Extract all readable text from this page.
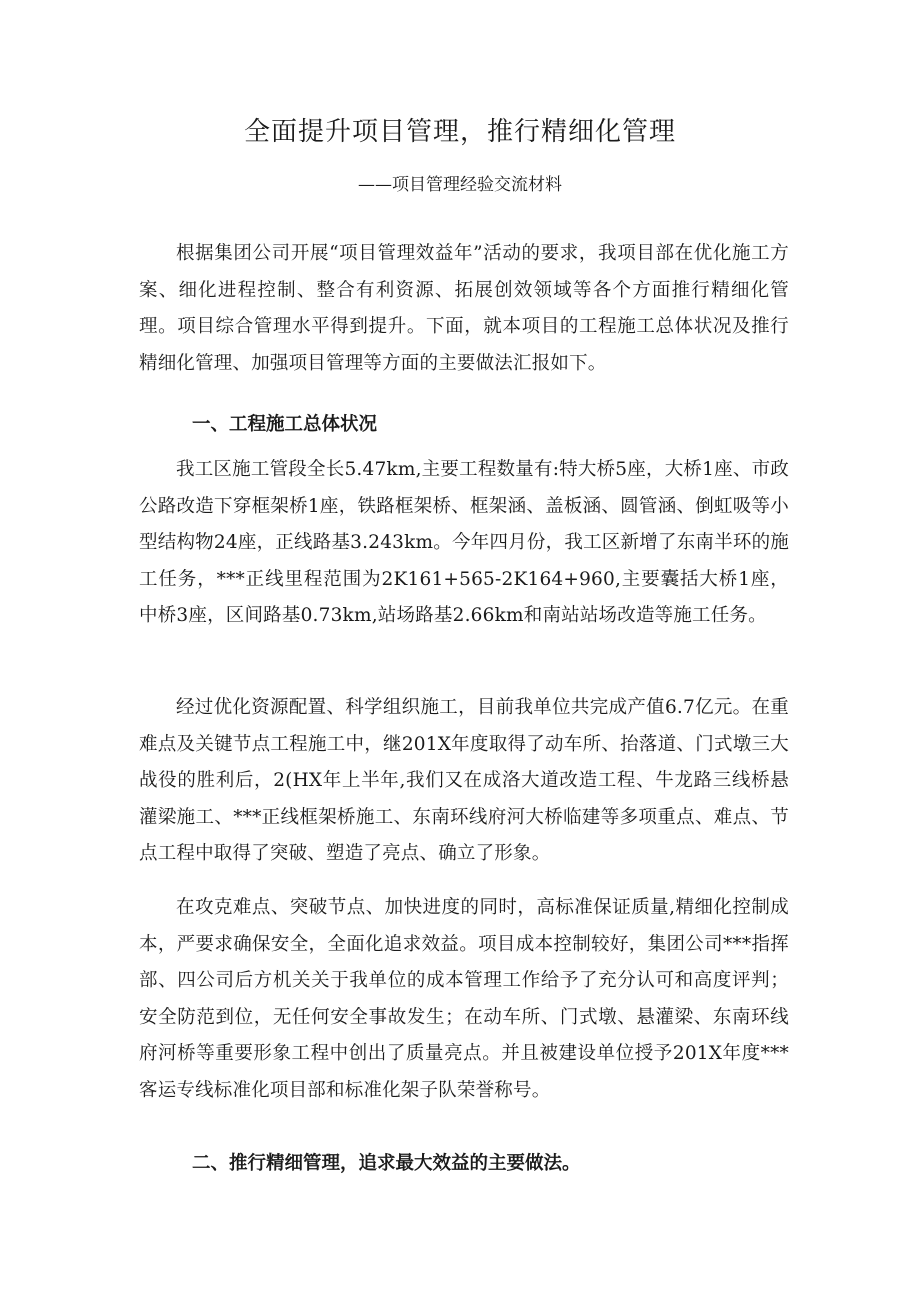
全面提升项目管理，推行精细化管理

——项目管理经验交流材料

根据集团公司开展“项目管理效益年”活动的要求，我项目部在优化施工方案、细化进程控制、整合有利资源、拓展创效领域等各个方面推行精细化管理。项目综合管理水平得到提升。下面，就本项目的工程施工总体状况及推行精细化管理、加强项目管理等方面的主要做法汇报如下。

一、工程施工总体状况

我工区施工管段全长5.47km,主要工程数量有:特大桥5座，大桥1座、市政公路改造下穿框架桥1座，铁路框架桥、框架涵、盖板涵、圆管涵、倒虹吸等小型结构物24座，正线路基3.243km。今年四月份，我工区新增了东南半环的施工任务，***正线里程范围为2K161+565-2K164+960,主要囊括大桥1座，中桥3座，区间路基0.73km,站场路基2.66km和南站站场改造等施工任务。

经过优化资源配置、科学组织施工，目前我单位共完成产值6.7亿元。在重难点及关键节点工程施工中，继201X年度取得了动车所、抬落道、门式墩三大战役的胜利后，2(HX年上半年,我们又在成洛大道改造工程、牛龙路三线桥悬灌梁施工、***正线框架桥施工、东南环线府河大桥临建等多项重点、难点、节点工程中取得了突破、塑造了亮点、确立了形象。

在攻克难点、突破节点、加快进度的同时，高标准保证质量,精细化控制成本，严要求确保安全，全面化追求效益。项目成本控制较好，集团公司***指挥部、四公司后方机关关于我单位的成本管理工作给予了充分认可和高度评判；安全防范到位，无任何安全事故发生；在动车所、门式墩、悬灌梁、东南环线府河桥等重要形象工程中创出了质量亮点。并且被建设单位授予201X年度***客运专线标准化项目部和标准化架子队荣誉称号。

二、推行精细管理，追求最大效益的主要做法。
